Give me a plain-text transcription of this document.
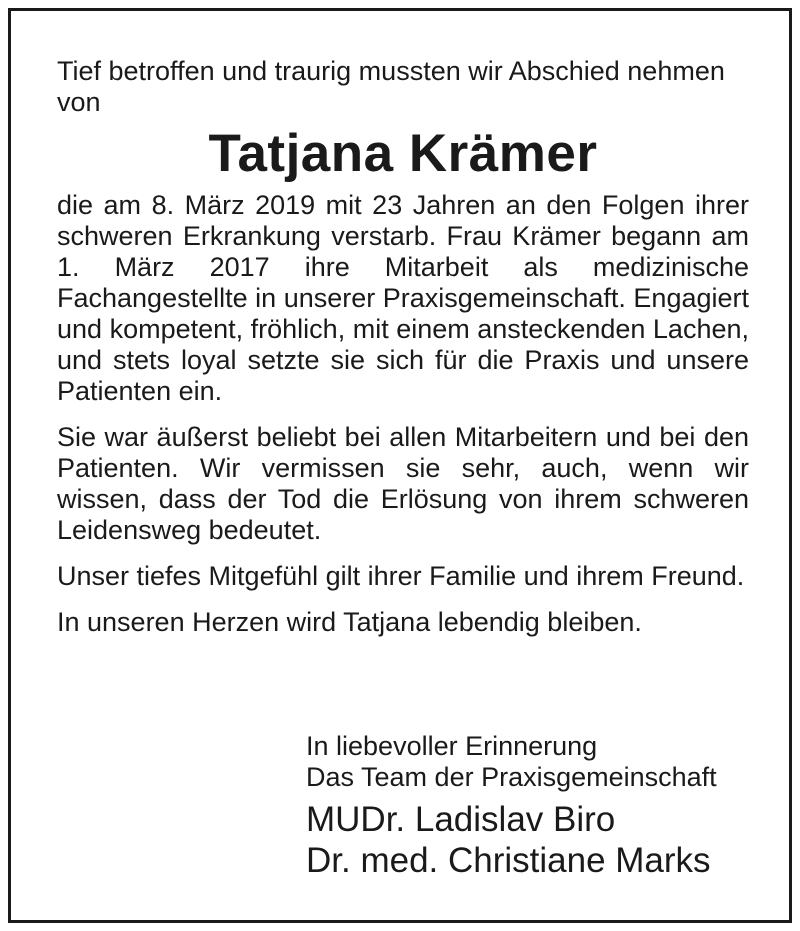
Tief betroffen und traurig mussten wir Abschied nehmen von

Tatjana Krämer

die am 8. März 2019 mit 23 Jahren an den Folgen ihrer schweren Erkrankung verstarb. Frau Krämer begann am 1. März 2017 ihre Mitarbeit als medizinische Fachangestellte in unserer Praxisgemeinschaft. Engagiert und kompetent, fröhlich, mit einem ansteckenden Lachen, und stets loyal setzte sie sich für die Praxis und unsere Patienten ein.

Sie war äußerst beliebt bei allen Mitarbeitern und bei den Patienten. Wir vermissen sie sehr, auch, wenn wir wissen, dass der Tod die Erlösung von ihrem schweren Leidensweg bedeutet.

Unser tiefes Mitgefühl gilt ihrer Familie und ihrem Freund.

In unseren Herzen wird Tatjana lebendig bleiben.

In liebevoller Erinnerung

Das Team der Praxisgemeinschaft

MUDr. Ladislav Biro

Dr. med. Christiane Marks
